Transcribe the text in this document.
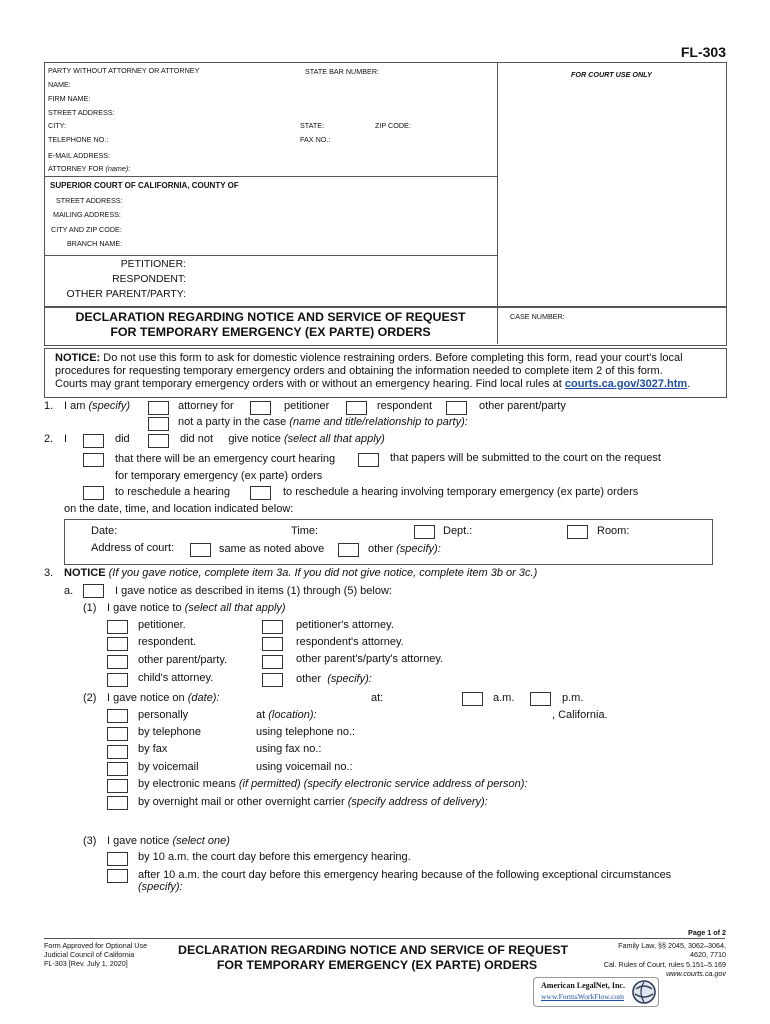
FL-303
PARTY WITHOUT ATTORNEY OR ATTORNEY	STATE BAR NUMBER:	FOR COURT USE ONLY
NAME:
FIRM NAME:
STREET ADDRESS:
CITY:	STATE:	ZIP CODE:
TELEPHONE NO.:	FAX NO.:
E-MAIL ADDRESS:
ATTORNEY FOR (name):
SUPERIOR COURT OF CALIFORNIA, COUNTY OF
STREET ADDRESS:
MAILING ADDRESS:
CITY AND ZIP CODE:
BRANCH NAME:
PETITIONER:
RESPONDENT:
OTHER PARENT/PARTY:
DECLARATION REGARDING NOTICE AND SERVICE OF REQUEST
FOR TEMPORARY EMERGENCY (EX PARTE) ORDERS
CASE NUMBER:
NOTICE: Do not use this form to ask for domestic violence restraining orders. Before completing this form, read your court's local
procedures for requesting temporary emergency orders and obtaining the information needed to complete item 2 of this form.
Courts may grant temporary emergency orders with or without an emergency hearing. Find local rules at courts.ca.gov/3027.htm.
1. I am (specify)	attorney for	petitioner	respondent	other parent/party
not a party in the case (name and title/relationship to party):
2. I	did	did not give notice (select all that apply)
that there will be an emergency court hearing	that papers will be submitted to the court on the request
for temporary emergency (ex parte) orders
to reschedule a hearing	to reschedule a hearing involving temporary emergency (ex parte) orders
on the date, time, and location indicated below:
Date:	Time:	Dept.:	Room:
Address of court:	same as noted above	other (specify):
3. NOTICE (If you gave notice, complete item 3a. If you did not give notice, complete item 3b or 3c.)
a.	I gave notice as described in items (1) through (5) below:
(1) I gave notice to (select all that apply)
petitioner.	petitioner's attorney.
respondent.	respondent's attorney.
other parent/party.	other parent's/party's attorney.
child's attorney.	other (specify):
(2) I gave notice on (date):	at:	a.m.	p.m.
personally	at (location):	, California.
by telephone	using telephone no.:
by fax	using fax no.:
by voicemail	using voicemail no.:
by electronic means (if permitted) (specify electronic service address of person):
by overnight mail or other overnight carrier (specify address of delivery):
(3) I gave notice (select one)
by 10 a.m. the court day before this emergency hearing.
after 10 a.m. the court day before this emergency hearing because of the following exceptional circumstances
(specify):
Page 1 of 2
Form Approved for Optional Use
Judicial Council of California
FL-303 [Rev. July 1, 2020]
DECLARATION REGARDING NOTICE AND SERVICE OF REQUEST
FOR TEMPORARY EMERGENCY (EX PARTE) ORDERS
Family Law, §§ 2045, 3062–3064,
4620, 7710
Cal. Rules of Court, rules 5.151–5.169
www.courts.ca.gov
American LegalNet, Inc.
www.FormsWorkFlow.com
